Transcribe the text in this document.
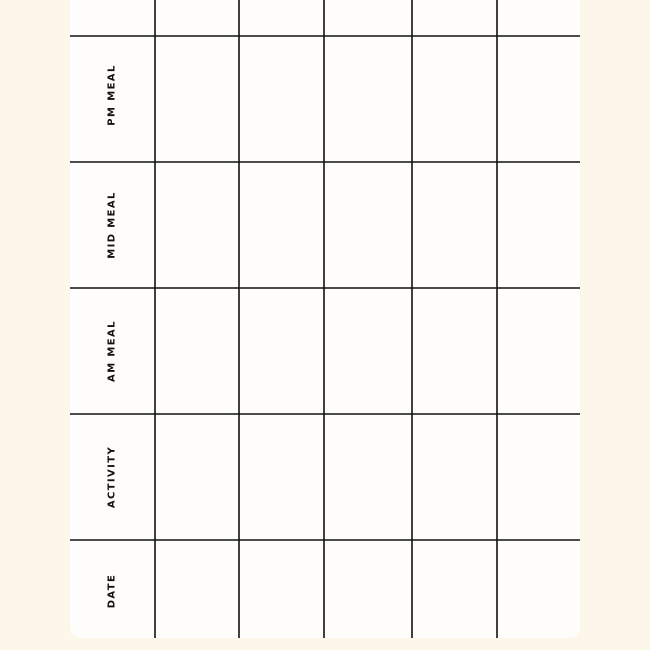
PM MEAL
MID MEAL
AM MEAL
ACTIVITY
DATE
